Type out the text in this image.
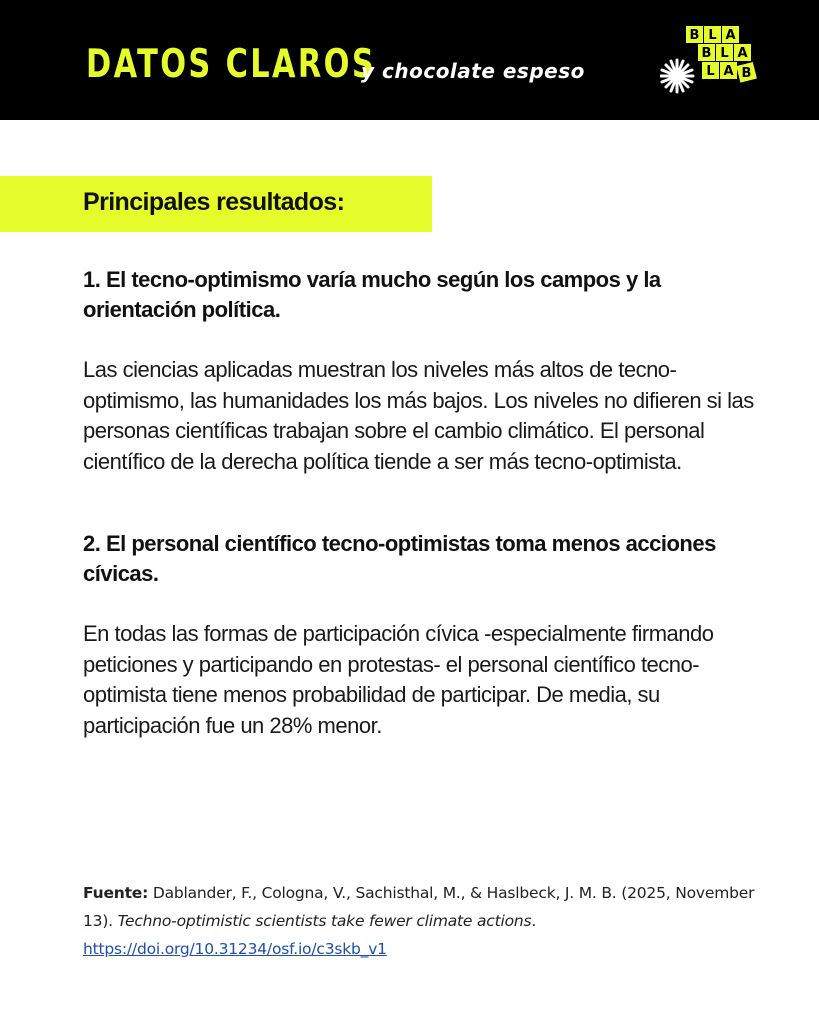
DATOS CLAROS
y chocolate espeso
B L A
B L A
L A B
Principales resultados:

1. El tecno-optimismo varía mucho según los campos y la orientación política.

Las ciencias aplicadas muestran los niveles más altos de tecno-optimismo, las humanidades los más bajos. Los niveles no difieren si las personas científicas trabajan sobre el cambio climático. El personal científico de la derecha política tiende a ser más tecno-optimista.

2. El personal científico tecno-optimistas toma menos acciones cívicas.

En todas las formas de participación cívica -especialmente firmando peticiones y participando en protestas- el personal científico tecno-optimista tiene menos probabilidad de participar. De media, su participación fue un 28% menor.

Fuente: Dablander, F., Cologna, V., Sachisthal, M., & Haslbeck, J. M. B. (2025, November 13). Techno-optimistic scientists take fewer climate actions.
https://doi.org/10.31234/osf.io/c3skb_v1
